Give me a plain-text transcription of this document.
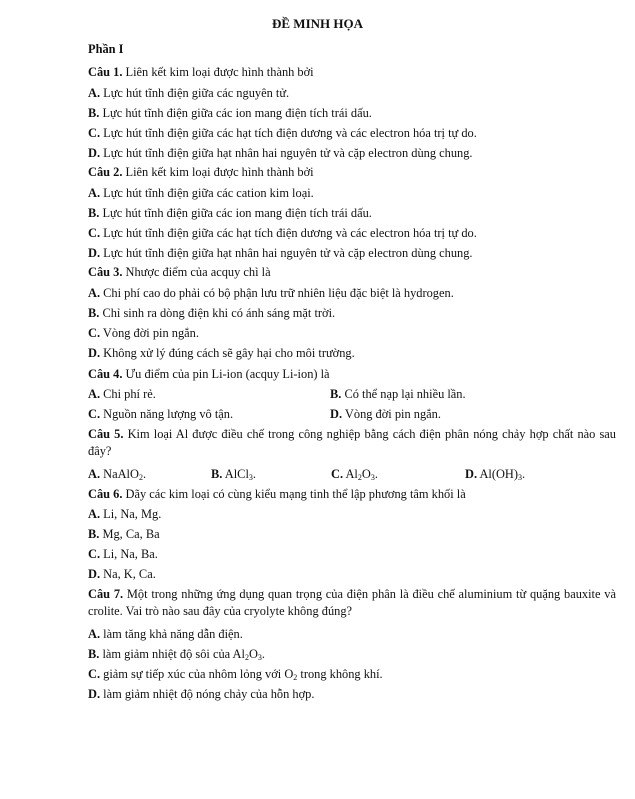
ĐỀ MINH HỌA
Phần I
Câu 1. Liên kết kim loại được hình thành bởi
A. Lực hút tĩnh điện giữa các nguyên tử.
B. Lực hút tĩnh điện giữa các ion mang điện tích trái dấu.
C. Lực hút tĩnh điện giữa các hạt tích điện dương và các electron hóa trị tự do.
D. Lực hút tĩnh điện giữa hạt nhân hai nguyên tử và cặp electron dùng chung.
Câu 2. Liên kết kim loại được hình thành bởi
A. Lực hút tĩnh điện giữa các cation kim loại.
B. Lực hút tĩnh điện giữa các ion mang điện tích trái dấu.
C. Lực hút tĩnh điện giữa các hạt tích điện dương và các electron hóa trị tự do.
D. Lực hút tĩnh điện giữa hạt nhân hai nguyên tử và cặp electron dùng chung.
Câu 3. Nhược điểm của acquy chì là
A. Chi phí cao do phải có bộ phận lưu trữ nhiên liệu đặc biệt là hydrogen.
B. Chỉ sinh ra dòng điện khi có ánh sáng mặt trời.
C. Vòng đời pin ngắn.
D. Không xử lý đúng cách sẽ gây hại cho môi trường.
Câu 4. Ưu điểm của pin Li-ion (acquy Li-ion) là
A. Chi phí rẻ.	B. Có thể nạp lại nhiều lần.
C. Nguồn năng lượng vô tận.	D. Vòng đời pin ngắn.
Câu 5. Kim loại Al được điều chế trong công nghiệp bằng cách điện phân nóng chảy hợp chất nào sau đây?
A. NaAlO$_2$.	B. AlCl$_3$.	C. $Al_2O_3$.	D. $Al(OH)_3$.
Câu 6. Dãy các kim loại có cùng kiểu mạng tinh thể lập phương tâm khối là
A. Li, Na, Mg.
B. Mg, Ca, Ba
C. Li, Na, Ba.
D. Na, K, Ca.
Câu 7. Một trong những ứng dụng quan trọng của điện phân là điều chế aluminium từ quặng bauxite và crolite. Vai trò nào sau đây của cryolyte không đúng?
A. làm tăng khả năng dẫn điện.
B. làm giảm nhiệt độ sôi của $Al_2O_3$.
C. giảm sự tiếp xúc của nhôm lỏng với $O_2$ trong không khí.
D. làm giảm nhiệt độ nóng chảy của hỗn hợp.
